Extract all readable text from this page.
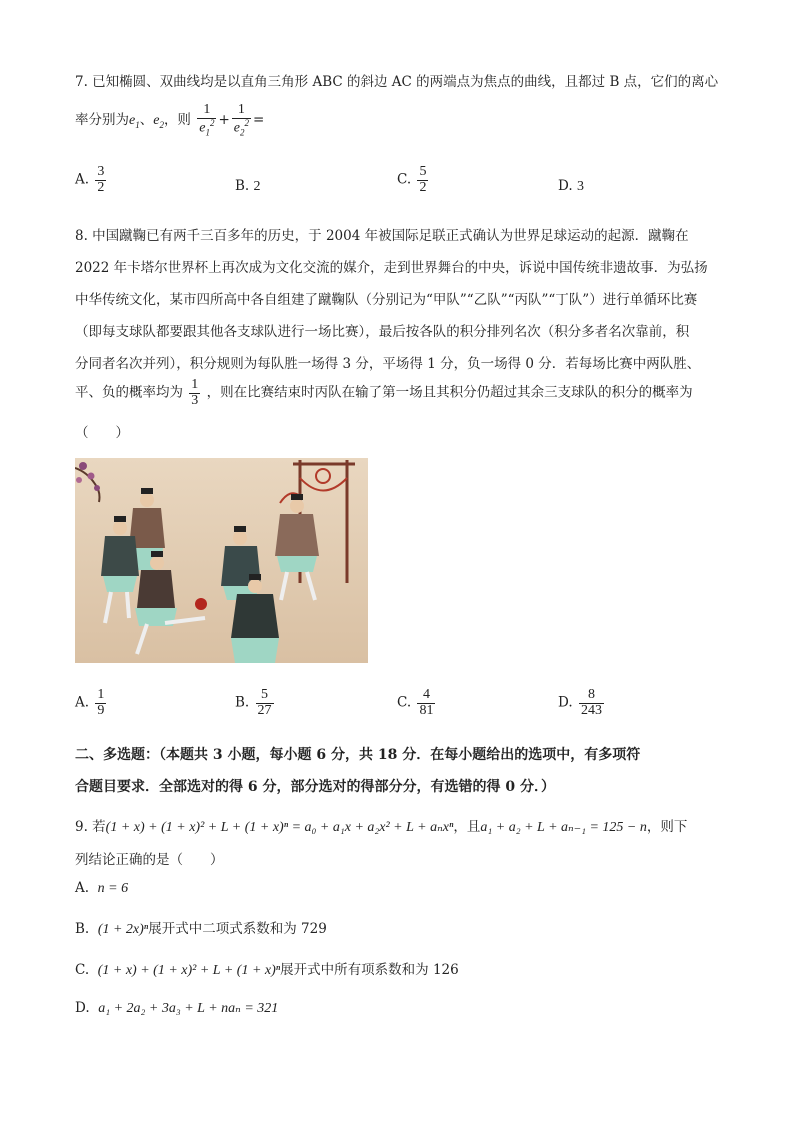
7. 已知椭圆、双曲线均是以直角三角形 ABC 的斜边 AC 的两端点为焦点的曲线，且都过 B 点，它们的离心
率分别为$e_1$、$e_2$，则 $\frac{1}{e_1^2} + \frac{1}{e_2^2}$ =
A. $\frac{3}{2}$	B. 2	C. $\frac{5}{2}$	D. 3
8. 中国蹴鞠已有两千三百多年的历史，于 2004 年被国际足联正式确认为世界足球运动的起源．蹴鞠在
2022 年卡塔尔世界杯上再次成为文化交流的媒介，走到世界舞台的中央，诉说中国传统非遗故事．为弘扬
中华传统文化，某市四所高中各自组建了蹴鞠队（分别记为“甲队”“乙队”“丙队”“丁队”）进行单循环比赛
（即每支球队都要跟其他各支球队进行一场比赛），最后按各队的积分排列名次（积分多者名次靠前，积
分同者名次并列），积分规则为每队胜一场得 3 分，平场得 1 分，负一场得 0 分．若每场比赛中两队胜、
平、负的概率均为 $\frac{1}{3}$ ，则在比赛结束时丙队在输了第一场且其积分仍超过其余三支球队的积分的概率为
（　　）
A. $\frac{1}{9}$	B. $\frac{5}{27}$	C. $\frac{4}{81}$	D. $\frac{8}{243}$
二、多选题：（本题共 3 小题，每小题 6 分，共 18 分．在每小题给出的选项中，有多项符
合题目要求．全部选对的得 6 分，部分选对的得部分分，有选错的得 0 分．）
9. 若(1 + x) + (1 + x)² + L + (1 + x)ⁿ = a₀ + a₁x + a₂x² + L + aₙxⁿ，且a₁ + a₂ + L + aₙ₋₁ = 125 − n，则下
列结论正确的是（　　）
A. n = 6
B. (1 + 2x)ⁿ展开式中二项式系数和为 729
C. (1 + x) + (1 + x)² + L + (1 + x)ⁿ展开式中所有项系数和为 126
D. a₁ + 2a₂ + 3a₃ + L + naₙ = 321
